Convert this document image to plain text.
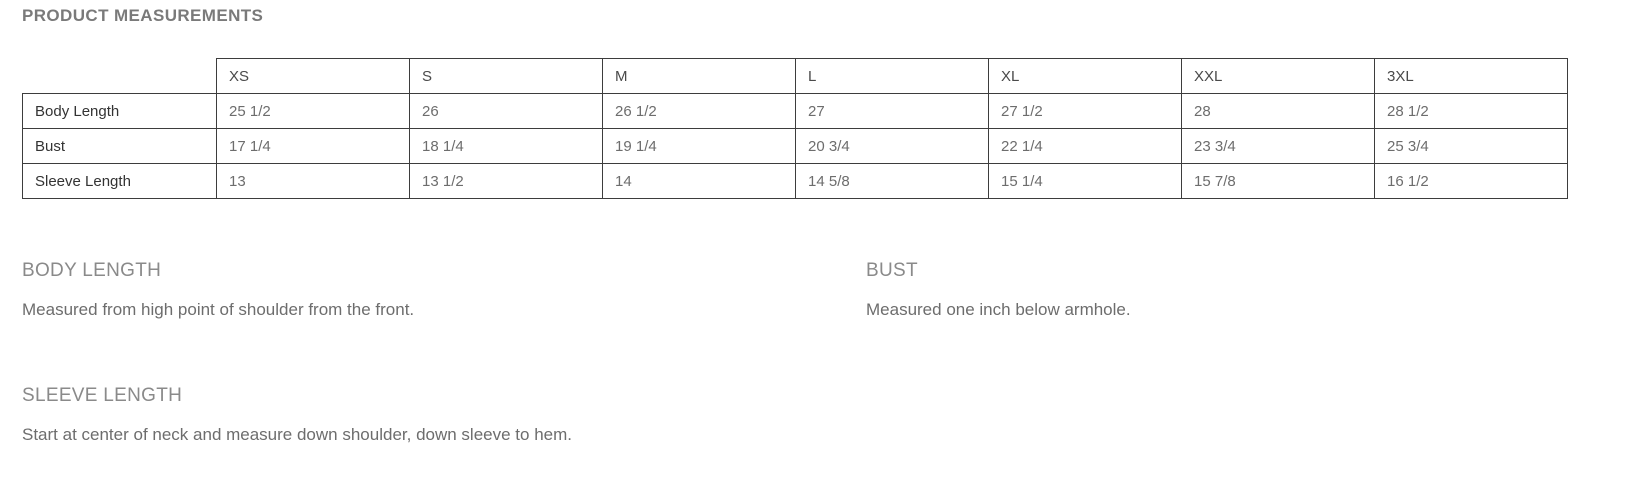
PRODUCT MEASUREMENTS
	XS	S	M	L	XL	XXL	3XL
Body Length	25 1/2	26	26 1/2	27	27 1/2	28	28 1/2
Bust	17 1/4	18 1/4	19 1/4	20 3/4	22 1/4	23 3/4	25 3/4
Sleeve Length	13	13 1/2	14	14 5/8	15 1/4	15 7/8	16 1/2
BODY LENGTH
Measured from high point of shoulder from the front.
BUST
Measured one inch below armhole.
SLEEVE LENGTH
Start at center of neck and measure down shoulder, down sleeve to hem.
